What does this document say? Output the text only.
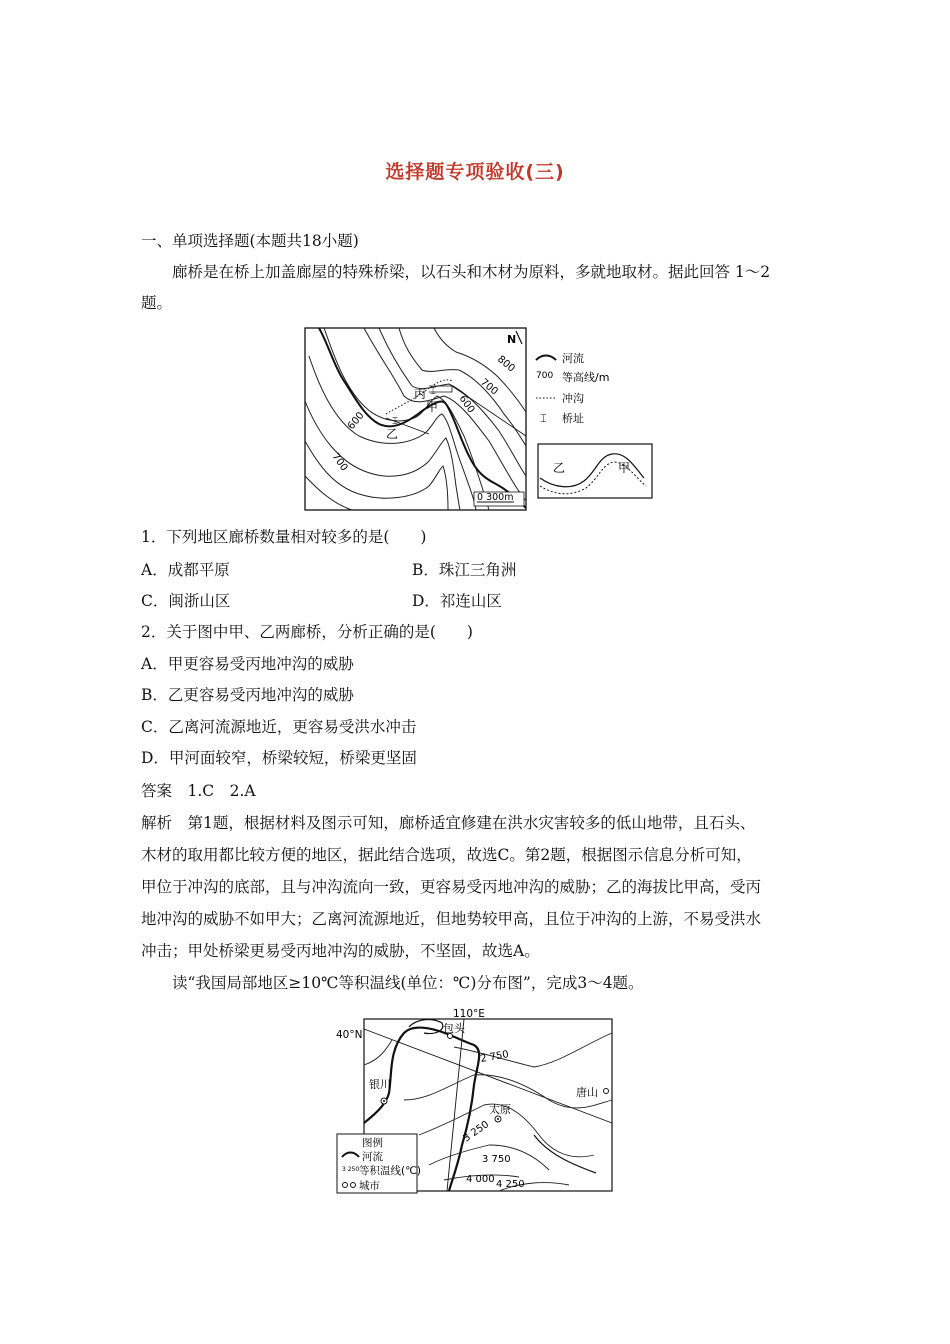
选择题专项验收(三)
一、单项选择题(本题共18小题)
廊桥是在桥上加盖廊屋的特殊桥梁，以石头和木材为原料，多就地取材。据此回答 1～2
题。
丙
甲
乙
⌶
⌶
800
700
600
600
700
N
0 300m
河流
700 等高线/m
冲沟
⌶ 桥址
乙	甲
1．下列地区廊桥数量相对较多的是(　　)
A．成都平原	B．珠江三角洲
C．闽浙山区	D．祁连山区
2．关于图中甲、乙两廊桥，分析正确的是(　　)
A．甲更容易受丙地冲沟的威胁
B．乙更容易受丙地冲沟的威胁
C．乙离河流源地近，更容易受洪水冲击
D．甲河面较窄，桥梁较短，桥梁更坚固
答案　1.C　2.A
解析　第1题，根据材料及图示可知，廊桥适宜修建在洪水灾害较多的低山地带，且石头、
木材的取用都比较方便的地区，据此结合选项，故选C。第2题，根据图示信息分析可知，
甲位于冲沟的底部，且与冲沟流向一致，更容易受丙地冲沟的威胁；乙的海拔比甲高，受丙
地冲沟的威胁不如甲大；乙离河流源地近，但地势较甲高，且位于冲沟的上游，不易受洪水
冲击；甲处桥梁更易受丙地冲沟的威胁，不坚固，故选A。
读“我国局部地区≥10℃等积温线(单位：℃)分布图”，完成3～4题。
110°E
40°N
2 750
3 250
3 750
4 000 4 250
包头
银川
太原
唐山
图例
河流
3 250 等积温线(℃)
城市
